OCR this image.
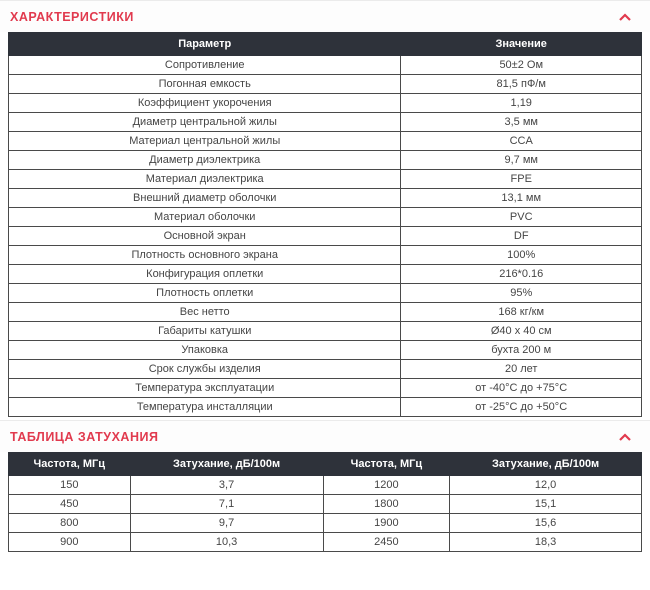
ХАРАКТЕРИСТИКИ
Параметр	Значение
Сопротивление	50±2 Ом
Погонная емкость	81,5 пФ/м
Коэффициент укорочения	1,19
Диаметр центральной жилы	3,5 мм
Материал центральной жилы	CCA
Диаметр диэлектрика	9,7 мм
Материал диэлектрика	FPE
Внешний диаметр оболочки	13,1 мм
Материал оболочки	PVC
Основной экран	DF
Плотность основного экрана	100%
Конфигурация оплетки	216*0.16
Плотность оплетки	95%
Вес нетто	168 кг/км
Габариты катушки	Ø40 x 40 см
Упаковка	бухта 200 м
Срок службы изделия	20 лет
Температура эксплуатации	от -40°C до +75°C
Температура инсталляции	от -25°C до +50°C
ТАБЛИЦА ЗАТУХАНИЯ
Частота, МГц	Затухание, дБ/100м	Частота, МГц	Затухание, дБ/100м
150	3,7	1200	12,0
450	7,1	1800	15,1
800	9,7	1900	15,6
900	10,3	2450	18,3
